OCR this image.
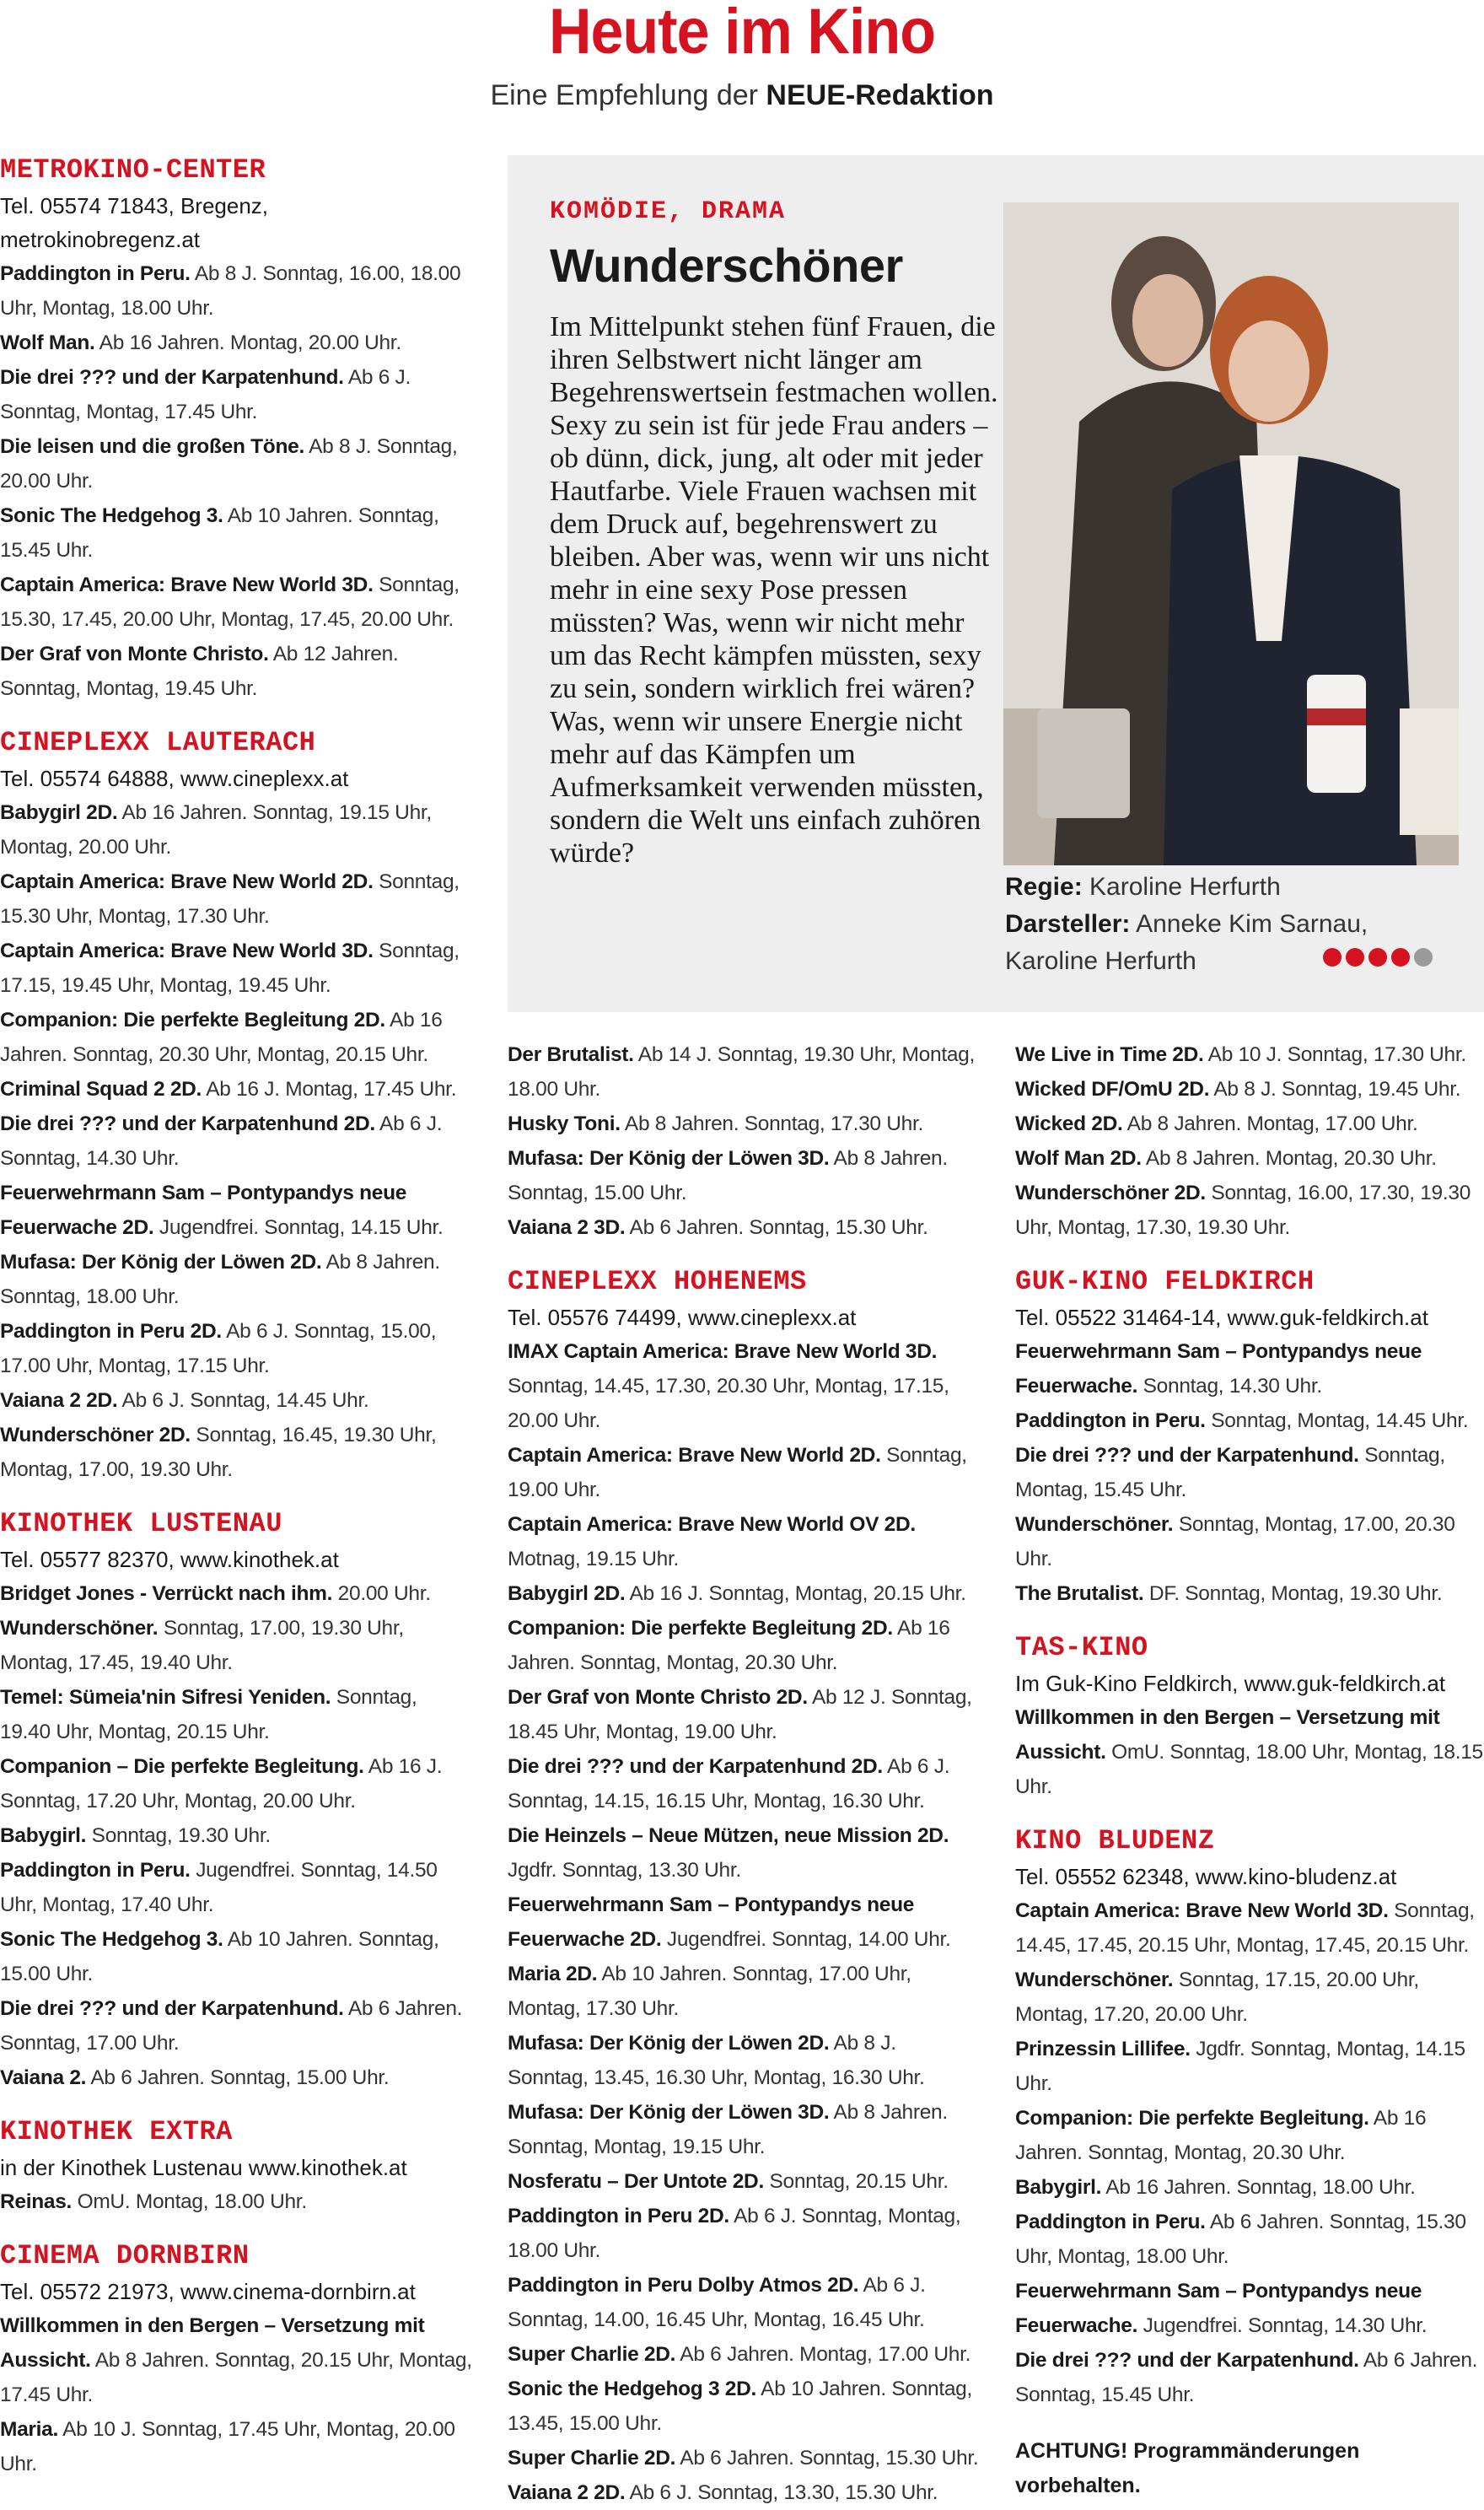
Heute im Kino
Eine Empfehlung der NEUE-Redaktion
METROKINO-CENTER
Tel. 05574 71843, Bregenz, metrokinobregenz.at
Paddington in Peru. Ab 8 J. Sonntag, 16.00, 18.00 Uhr, Montag, 18.00 Uhr.
Wolf Man. Ab 16 Jahren. Montag, 20.00 Uhr.
Die drei ??? und der Karpatenhund. Ab 6 J. Sonntag, Montag, 17.45 Uhr.
Die leisen und die großen Töne. Ab 8 J. Sonntag, 20.00 Uhr.
Sonic The Hedgehog 3. Ab 10 Jahren. Sonntag, 15.45 Uhr.
Captain America: Brave New World 3D. Sonntag, 15.30, 17.45, 20.00 Uhr, Montag, 17.45, 20.00 Uhr.
Der Graf von Monte Christo. Ab 12 Jahren. Sonntag, Montag, 19.45 Uhr.
CINEPLEXX LAUTERACH
Tel. 05574 64888, www.cineplexx.at
Babygirl 2D. Ab 16 Jahren. Sonntag, 19.15 Uhr, Montag, 20.00 Uhr.
Captain America: Brave New World 2D. Sonntag, 15.30 Uhr, Montag, 17.30 Uhr.
Captain America: Brave New World 3D. Sonntag, 17.15, 19.45 Uhr, Montag, 19.45 Uhr.
Companion: Die perfekte Begleitung 2D. Ab 16 Jahren. Sonntag, 20.30 Uhr, Montag, 20.15 Uhr.
Criminal Squad 2 2D. Ab 16 J. Montag, 17.45 Uhr.
Die drei ??? und der Karpatenhund 2D. Ab 6 J. Sonntag, 14.30 Uhr.
Feuerwehrmann Sam – Pontypandys neue Feuerwache 2D. Jugendfrei. Sonntag, 14.15 Uhr.
Mufasa: Der König der Löwen 2D. Ab 8 Jahren. Sonntag, 18.00 Uhr.
Paddington in Peru 2D. Ab 6 J. Sonntag, 15.00, 17.00 Uhr, Montag, 17.15 Uhr.
Vaiana 2 2D. Ab 6 J. Sonntag, 14.45 Uhr.
Wunderschöner 2D. Sonntag, 16.45, 19.30 Uhr, Montag, 17.00, 19.30 Uhr.
KINOTHEK LUSTENAU
Tel. 05577 82370, www.kinothek.at
Bridget Jones - Verrückt nach ihm. 20.00 Uhr.
Wunderschöner. Sonntag, 17.00, 19.30 Uhr, Montag, 17.45, 19.40 Uhr.
Temel: Sümeia'nin Sifresi Yeniden. Sonntag, 19.40 Uhr, Montag, 20.15 Uhr.
Companion – Die perfekte Begleitung. Ab 16 J. Sonntag, 17.20 Uhr, Montag, 20.00 Uhr.
Babygirl. Sonntag, 19.30 Uhr.
Paddington in Peru. Jugendfrei. Sonntag, 14.50 Uhr, Montag, 17.40 Uhr.
Sonic The Hedgehog 3. Ab 10 Jahren. Sonntag, 15.00 Uhr.
Die drei ??? und der Karpatenhund. Ab 6 Jahren. Sonntag, 17.00 Uhr.
Vaiana 2. Ab 6 Jahren. Sonntag, 15.00 Uhr.
KINOTHEK EXTRA
in der Kinothek Lustenau www.kinothek.at
Reinas. OmU. Montag, 18.00 Uhr.
CINEMA DORNBIRN
Tel. 05572 21973, www.cinema-dornbirn.at
Willkommen in den Bergen – Versetzung mit Aussicht. Ab 8 Jahren. Sonntag, 20.15 Uhr, Montag, 17.45 Uhr.
Maria. Ab 10 J. Sonntag, 17.45 Uhr, Montag, 20.00 Uhr.
KOMÖDIE, DRAMA
Wunderschöner
Im Mittelpunkt stehen fünf Frauen, die ihren Selbstwert nicht länger am Begehrenswertsein festmachen wollen. Sexy zu sein ist für jede Frau anders – ob dünn, dick, jung, alt oder mit jeder Hautfarbe. Viele Frauen wachsen mit dem Druck auf, begehrenswert zu bleiben. Aber was, wenn wir uns nicht mehr in eine sexy Pose pressen müssten? Was, wenn wir nicht mehr um das Recht kämpfen müssten, sexy zu sein, sondern wirklich frei wären? Was, wenn wir unsere Energie nicht mehr auf das Kämpfen um Aufmerksamkeit verwenden müssten, sondern die Welt uns einfach zuhören würde?
Regie: Karoline Herfurth
Darsteller: Anneke Kim Sarnau, Karoline Herfurth
Der Brutalist. Ab 14 J. Sonntag, 19.30 Uhr, Montag, 18.00 Uhr.
Husky Toni. Ab 8 Jahren. Sonntag, 17.30 Uhr.
Mufasa: Der König der Löwen 3D. Ab 8 Jahren. Sonntag, 15.00 Uhr.
Vaiana 2 3D. Ab 6 Jahren. Sonntag, 15.30 Uhr.
CINEPLEXX HOHENEMS
Tel. 05576 74499, www.cineplexx.at
IMAX Captain America: Brave New World 3D. Sonntag, 14.45, 17.30, 20.30 Uhr, Montag, 17.15, 20.00 Uhr.
Captain America: Brave New World 2D. Sonntag, 19.00 Uhr.
Captain America: Brave New World OV 2D. Motnag, 19.15 Uhr.
Babygirl 2D. Ab 16 J. Sonntag, Montag, 20.15 Uhr.
Companion: Die perfekte Begleitung 2D. Ab 16 Jahren. Sonntag, Montag, 20.30 Uhr.
Der Graf von Monte Christo 2D. Ab 12 J. Sonntag, 18.45 Uhr, Montag, 19.00 Uhr.
Die drei ??? und der Karpatenhund 2D. Ab 6 J. Sonntag, 14.15, 16.15 Uhr, Montag, 16.30 Uhr.
Die Heinzels – Neue Mützen, neue Mission 2D. Jgdfr. Sonntag, 13.30 Uhr.
Feuerwehrmann Sam – Pontypandys neue Feuerwache 2D. Jugendfrei. Sonntag, 14.00 Uhr.
Maria 2D. Ab 10 Jahren. Sonntag, 17.00 Uhr, Montag, 17.30 Uhr.
Mufasa: Der König der Löwen 2D. Ab 8 J. Sonntag, 13.45, 16.30 Uhr, Montag, 16.30 Uhr.
Mufasa: Der König der Löwen 3D. Ab 8 Jahren. Sonntag, Montag, 19.15 Uhr.
Nosferatu – Der Untote 2D. Sonntag, 20.15 Uhr.
Paddington in Peru 2D. Ab 6 J. Sonntag, Montag, 18.00 Uhr.
Paddington in Peru Dolby Atmos 2D. Ab 6 J. Sonntag, 14.00, 16.45 Uhr, Montag, 16.45 Uhr.
Super Charlie 2D. Ab 6 Jahren. Montag, 17.00 Uhr.
Sonic the Hedgehog 3 2D. Ab 10 Jahren. Sonntag, 13.45, 15.00 Uhr.
Super Charlie 2D. Ab 6 Jahren. Sonntag, 15.30 Uhr.
Vaiana 2 2D. Ab 6 J. Sonntag, 13.30, 15.30 Uhr.
We Live in Time 2D. Ab 10 J. Sonntag, 17.30 Uhr.
Wicked DF/OmU 2D. Ab 8 J. Sonntag, 19.45 Uhr.
Wicked 2D. Ab 8 Jahren. Montag, 17.00 Uhr.
Wolf Man 2D. Ab 8 Jahren. Montag, 20.30 Uhr.
Wunderschöner 2D. Sonntag, 16.00, 17.30, 19.30 Uhr, Montag, 17.30, 19.30 Uhr.
GUK-KINO FELDKIRCH
Tel. 05522 31464-14, www.guk-feldkirch.at
Feuerwehrmann Sam – Pontypandys neue Feuerwache. Sonntag, 14.30 Uhr.
Paddington in Peru. Sonntag, Montag, 14.45 Uhr.
Die drei ??? und der Karpatenhund. Sonntag, Montag, 15.45 Uhr.
Wunderschöner. Sonntag, Montag, 17.00, 20.30 Uhr.
The Brutalist. DF. Sonntag, Montag, 19.30 Uhr.
TAS-KINO
Im Guk-Kino Feldkirch, www.guk-feldkirch.at
Willkommen in den Bergen – Versetzung mit Aussicht. OmU. Sonntag, 18.00 Uhr, Montag, 18.15 Uhr.
KINO BLUDENZ
Tel. 05552 62348, www.kino-bludenz.at
Captain America: Brave New World 3D. Sonntag, 14.45, 17.45, 20.15 Uhr, Montag, 17.45, 20.15 Uhr.
Wunderschöner. Sonntag, 17.15, 20.00 Uhr, Montag, 17.20, 20.00 Uhr.
Prinzessin Lillifee. Jgdfr. Sonntag, Montag, 14.15 Uhr.
Companion: Die perfekte Begleitung. Ab 16 Jahren. Sonntag, Montag, 20.30 Uhr.
Babygirl. Ab 16 Jahren. Sonntag, 18.00 Uhr.
Paddington in Peru. Ab 6 Jahren. Sonntag, 15.30 Uhr, Montag, 18.00 Uhr.
Feuerwehrmann Sam – Pontypandys neue Feuerwache. Jugendfrei. Sonntag, 14.30 Uhr.
Die drei ??? und der Karpatenhund. Ab 6 Jahren. Sonntag, 15.45 Uhr.
ACHTUNG! Programmänderungen vorbehalten.
